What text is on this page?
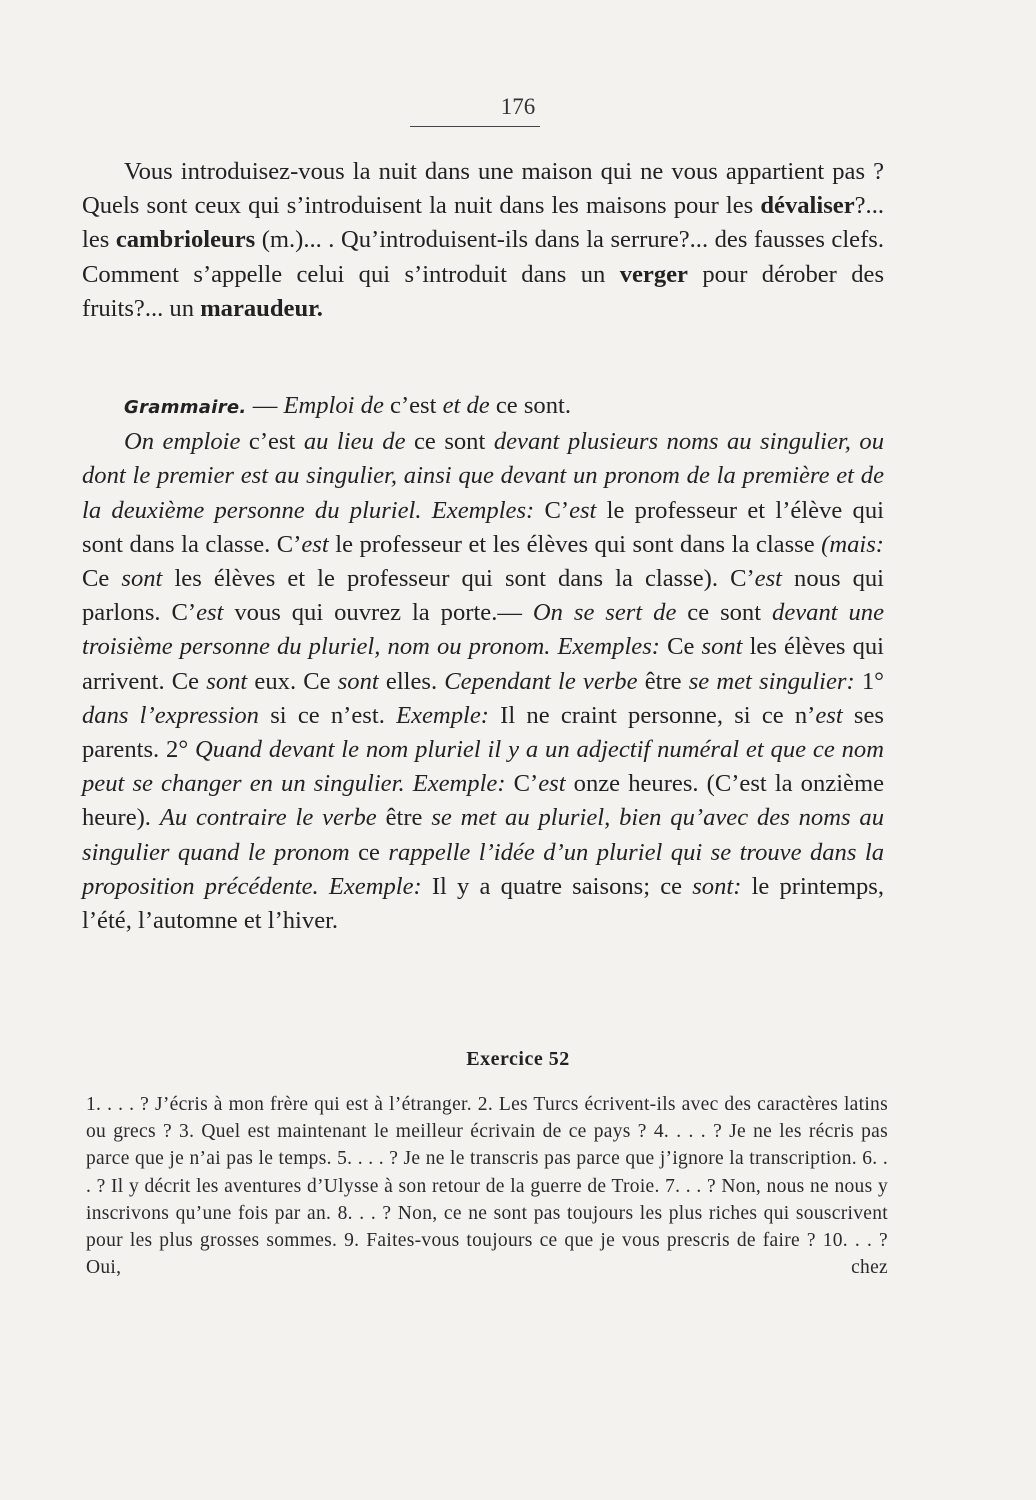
176
Vous introduisez-vous la nuit dans une maison qui ne vous appartient pas ? Quels sont ceux qui s’introduisent la nuit dans les maisons pour les dévaliser?... les cambrioleurs (m.)... . Qu’introduisent-ils dans la serrure?... des fausses clefs. Comment s’appelle celui qui s’introduit dans un verger pour dérober des fruits?... un maraudeur.
Grammaire. — Emploi de c’est et de ce sont.
On emploie c’est au lieu de ce sont devant plusieurs noms au singulier, ou dont le premier est au singulier, ainsi que devant un pronom de la première et de la deuxième personne du pluriel. Exemples: C’est le professeur et l’élève qui sont dans la classe. C’est le professeur et les élèves qui sont dans la classe (mais: Ce sont les élèves et le professeur qui sont dans la classe). C’est nous qui parlons. C’est vous qui ouvrez la porte.— On se sert de ce sont devant une troisième personne du pluriel, nom ou pronom. Exemples: Ce sont les élèves qui arrivent. Ce sont eux. Ce sont elles. Cependant le verbe être se met singulier: 1° dans l’expression si ce n’est. Exemple: Il ne craint personne, si ce n’est ses parents. 2° Quand devant le nom pluriel il y a un adjectif numéral et que ce nom peut se changer en un singulier. Exemple: C’est onze heures. (C’est la onzième heure). Au contraire le verbe être se met au pluriel, bien qu’avec des noms au singulier quand le pronom ce rappelle l’idée d’un pluriel qui se trouve dans la proposition précédente. Exemple: Il y a quatre saisons; ce sont: le printemps, l’été, l’automne et l’hiver.
Exercice 52
1. . . . ? J’écris à mon frère qui est à l’étranger. 2. Les Turcs écrivent-ils avec des caractères latins ou grecs ? 3. Quel est maintenant le meilleur écrivain de ce pays ? 4. . . . ? Je ne les récris pas parce que je n’ai pas le temps. 5. . . . ? Je ne le transcris pas parce que j’ignore la transcription. 6. . . ? Il y décrit les aventures d’Ulysse à son retour de la guerre de Troie. 7. . . ? Non, nous ne nous y inscrivons qu’une fois par an. 8. . . ? Non, ce ne sont pas toujours les plus riches qui souscrivent pour les plus grosses sommes. 9. Faites-vous toujours ce que je vous prescris de faire ? 10. . . ? Oui, chez
